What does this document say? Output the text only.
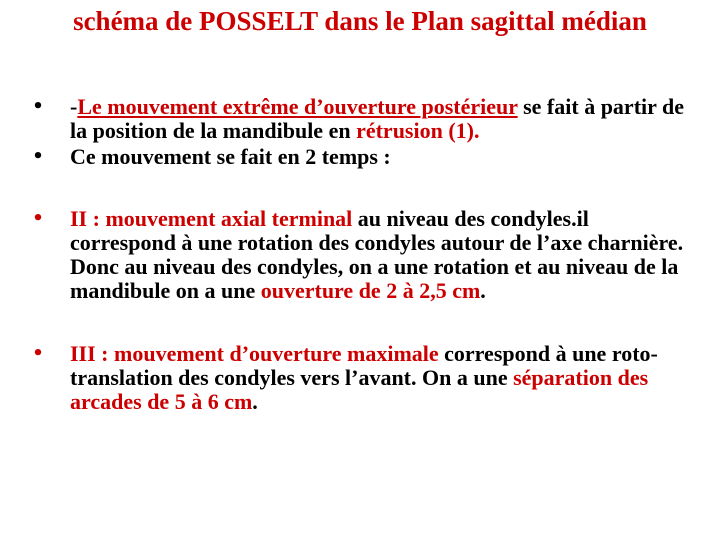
schéma de POSSELT dans le Plan sagittal médian
• -Le mouvement extrême d’ouverture postérieur se fait à partir de la position de la mandibule en rétrusion (1).
• Ce mouvement se fait en 2 temps :
• II : mouvement axial terminal au niveau des condyles.il correspond à une rotation des condyles autour de l’axe charnière. Donc au niveau des condyles, on a une rotation et au niveau de la mandibule on a une ouverture de 2 à 2,5 cm.
• III : mouvement d’ouverture maximale correspond à une roto-translation des condyles vers l’avant. On a une séparation des arcades de 5 à 6 cm.
